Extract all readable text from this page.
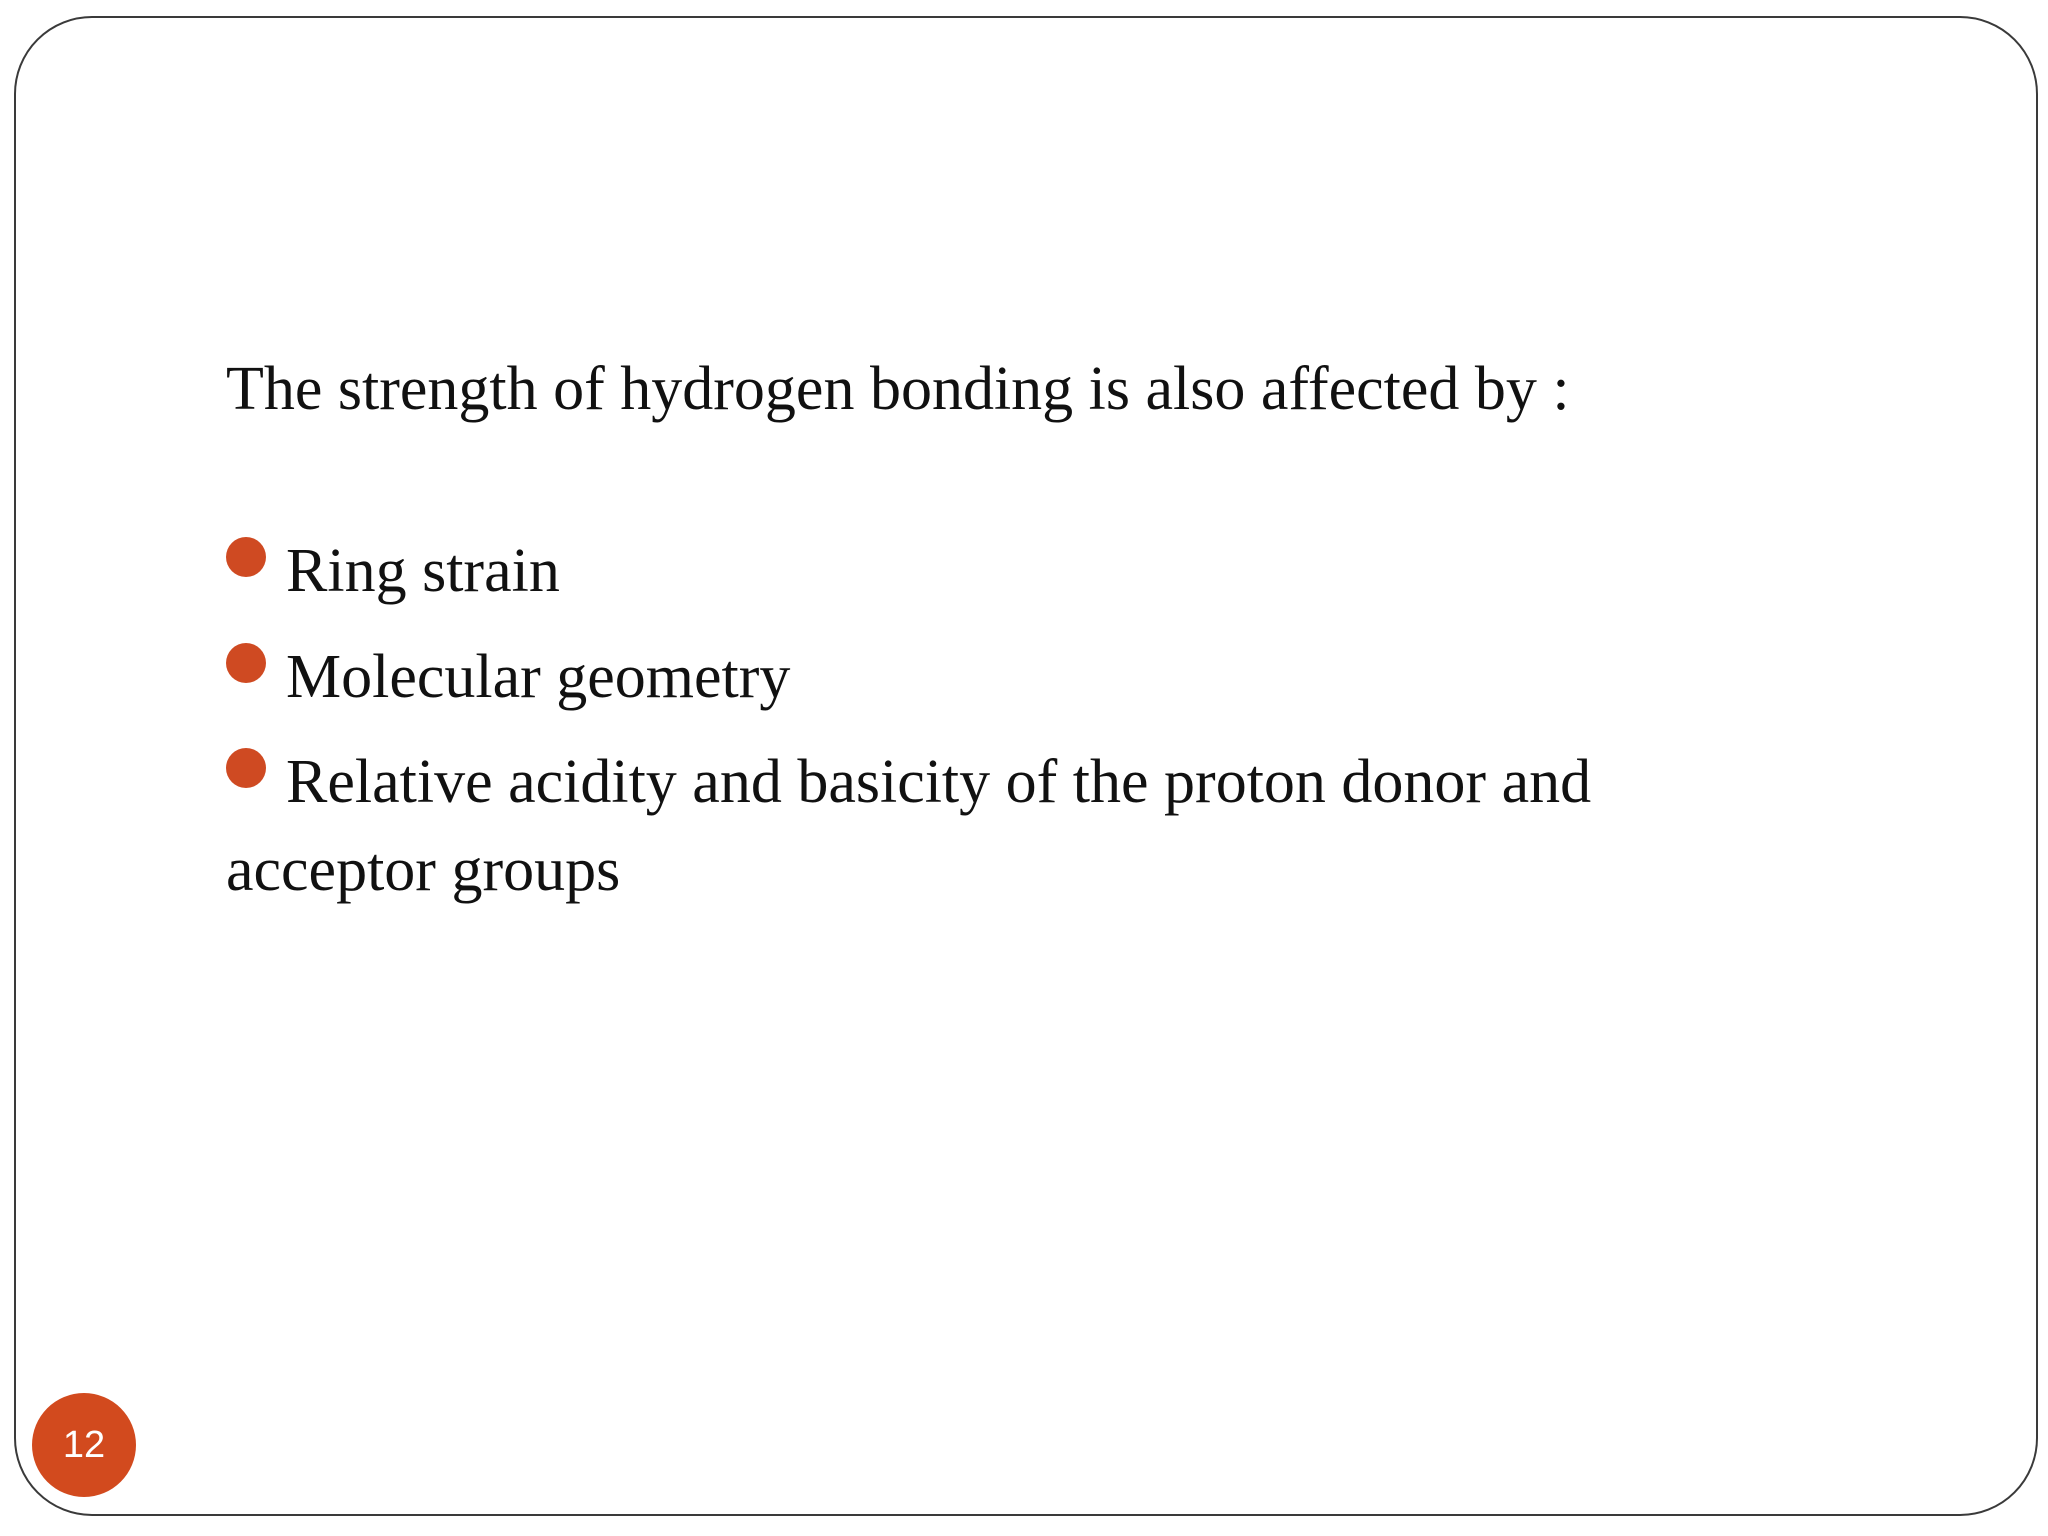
The strength of hydrogen bonding is also affected by :

Ring strain
Molecular geometry
Relative acidity and basicity of the proton donor and acceptor groups
12
